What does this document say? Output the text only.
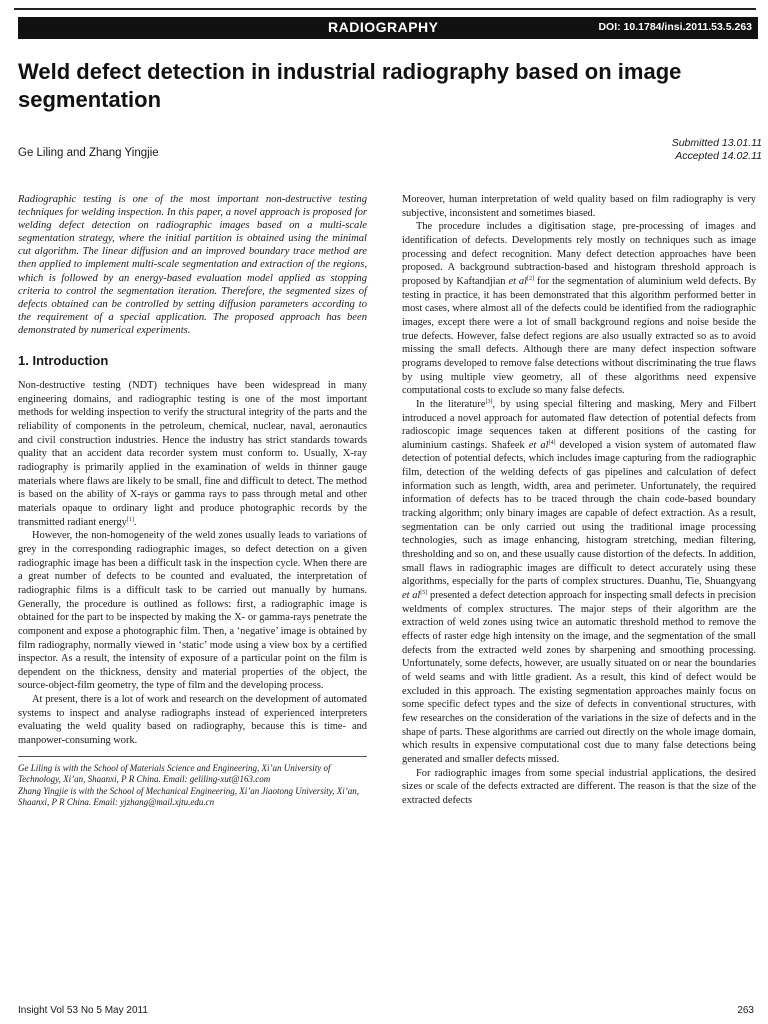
RADIOGRAPHY	DOI: 10.1784/insi.2011.53.5.263
Weld defect detection in industrial radiography based on image segmentation
Ge Liling and Zhang Yingjie
Submitted 13.01.11
Accepted 14.02.11

Radiographic testing is one of the most important non-destructive testing techniques for welding inspection. In this paper, a novel approach is proposed for welding defect detection on radiographic images based on a multi-scale segmentation strategy, where the initial partition is obtained using the minimal cut algorithm. The linear diffusion and an improved boundary trace method are then applied to implement multi-scale segmentation and extraction of the regions, which is followed by an energy-based evaluation model applied as stopping criteria to control the segmentation iteration. Therefore, the segmented sizes of defects obtained can be controlled by setting diffusion parameters according to the requirement of a special application. The proposed approach has been demonstrated by numerical experiments.

1. Introduction

Non-destructive testing (NDT) techniques have been widespread in many engineering domains, and radiographic testing is one of the most important methods for welding inspection to verify the structural integrity of the parts and the reliability of components in the petroleum, chemical, nuclear, naval, aeronautics and civil construction industries. Hence the industry has strict standards towards quality that an accident data recorder system must conform to. Usually, X-ray radiography is primarily applied in the examination of welds in thinner gauge materials where flaws are likely to be small, fine and difficult to detect. The method is based on the ability of X-rays or gamma rays to pass through metal and other materials opaque to ordinary light and produce photographic records by the transmitted radiant energy[1].

However, the non-homogeneity of the weld zones usually leads to variations of grey in the corresponding radiographic images, so defect detection on a given radiographic image has been a difficult task in the inspection cycle. When there are a great number of defects to be counted and evaluated, the interpretation of radiographic films is a difficult task to be carried out manually by humans. Generally, the procedure is outlined as follows: first, a radiographic image is obtained for the part to be inspected by making the X- or gamma-rays penetrate the component and expose a photographic film. Then, a ‘negative’ image is obtained by film radiography, normally viewed in ‘static’ mode using a view box by a certified inspector. As a result, the intensity of exposure of a particular point on the film is dependent on the thickness, density and material properties of the object, the source-object-film geometry, the type of film and the developing process.

At present, there is a lot of work and research on the development of automated systems to inspect and analyse radiographs instead of experienced interpreters evaluating the weld quality based on radiography, because this is time- and manpower-consuming work.

Ge Liling is with the School of Materials Science and Engineering, Xi’an University of Technology, Xi’an, Shaanxi, P R China. Email: geliling-xut@163.com

Zhang Yingjie is with the School of Mechanical Engineering, Xi’an Jiaotong University, Xi’an, Shaanxi, P R China. Email: yjzhang@mail.xjtu.edu.cn

Moreover, human interpretation of weld quality based on film radiography is very subjective, inconsistent and sometimes biased.

The procedure includes a digitisation stage, pre-processing of images and identification of defects. Developments rely mostly on techniques such as image processing and defect recognition. Many defect detection approaches have been proposed. A background subtraction-based and histogram threshold approach is proposed by Kaftandjian et al[2] for the segmentation of aluminium weld defects. By testing in practice, it has been demonstrated that this algorithm performed better in most cases, where almost all of the defects could be identified from the radiographic images, except there were a lot of small background regions and noise beside the true defects. However, false defect regions are also usually extracted so as to avoid missing the small defects. Although there are many defect inspection software programs developed to remove false detections without discriminating the true flaws by using multiple view geometry, all of these algorithms need expensive computational costs to exclude so many false defects.

In the literature[3], by using special filtering and masking, Mery and Filbert introduced a novel approach for automated flaw detection of potential defects from radioscopic image sequences taken at different positions of the casting for aluminium castings. Shafeek et al[4] developed a vision system of automated flaw detection of potential defects, which includes image capturing from the radiographic film, detection of the welding defects of gas pipelines and calculation of defect information such as length, width, area and perimeter. Unfortunately, the required information of defects has to be traced through the chain code-based boundary tracking algorithm; only binary images are capable of defect extraction. As a result, segmentation can be only carried out using the traditional image processing technologies, such as image enhancing, histogram stretching, median filtering, thresholding and so on, and these usually cause distortion of the defects. In addition, small flaws in radiographic images are difficult to detect accurately using these algorithms, especially for the parts of complex structures. Duanhu, Tie, Shuangyang et al[5] presented a defect detection approach for inspecting small defects in precision weldments of complex structures. The major steps of their algorithm are the extraction of weld zones using twice an automatic threshold method to remove the effects of raster edge high intensity on the image, and the segmentation of the small defects from the extracted weld zones by sharpening and smoothing processing. Unfortunately, some defects, however, are usually situated on or near the boundaries of weld seams and with little gradient. As a result, this kind of defect would be excluded in this approach. The existing segmentation approaches mainly focus on some specific defect types and the size of defects in conventional structures, with few researches on the consideration of the variations in the size of defects and in the shape of parts. These algorithms are carried out directly on the whole image domain, which results in expensive computational cost due to many false detections being generated and smaller defects missed.

For radiographic images from some special industrial applications, the desired sizes or scale of the defects extracted are different. The reason is that the size of the extracted defects

Insight Vol 53 No 5 May 2011	263
